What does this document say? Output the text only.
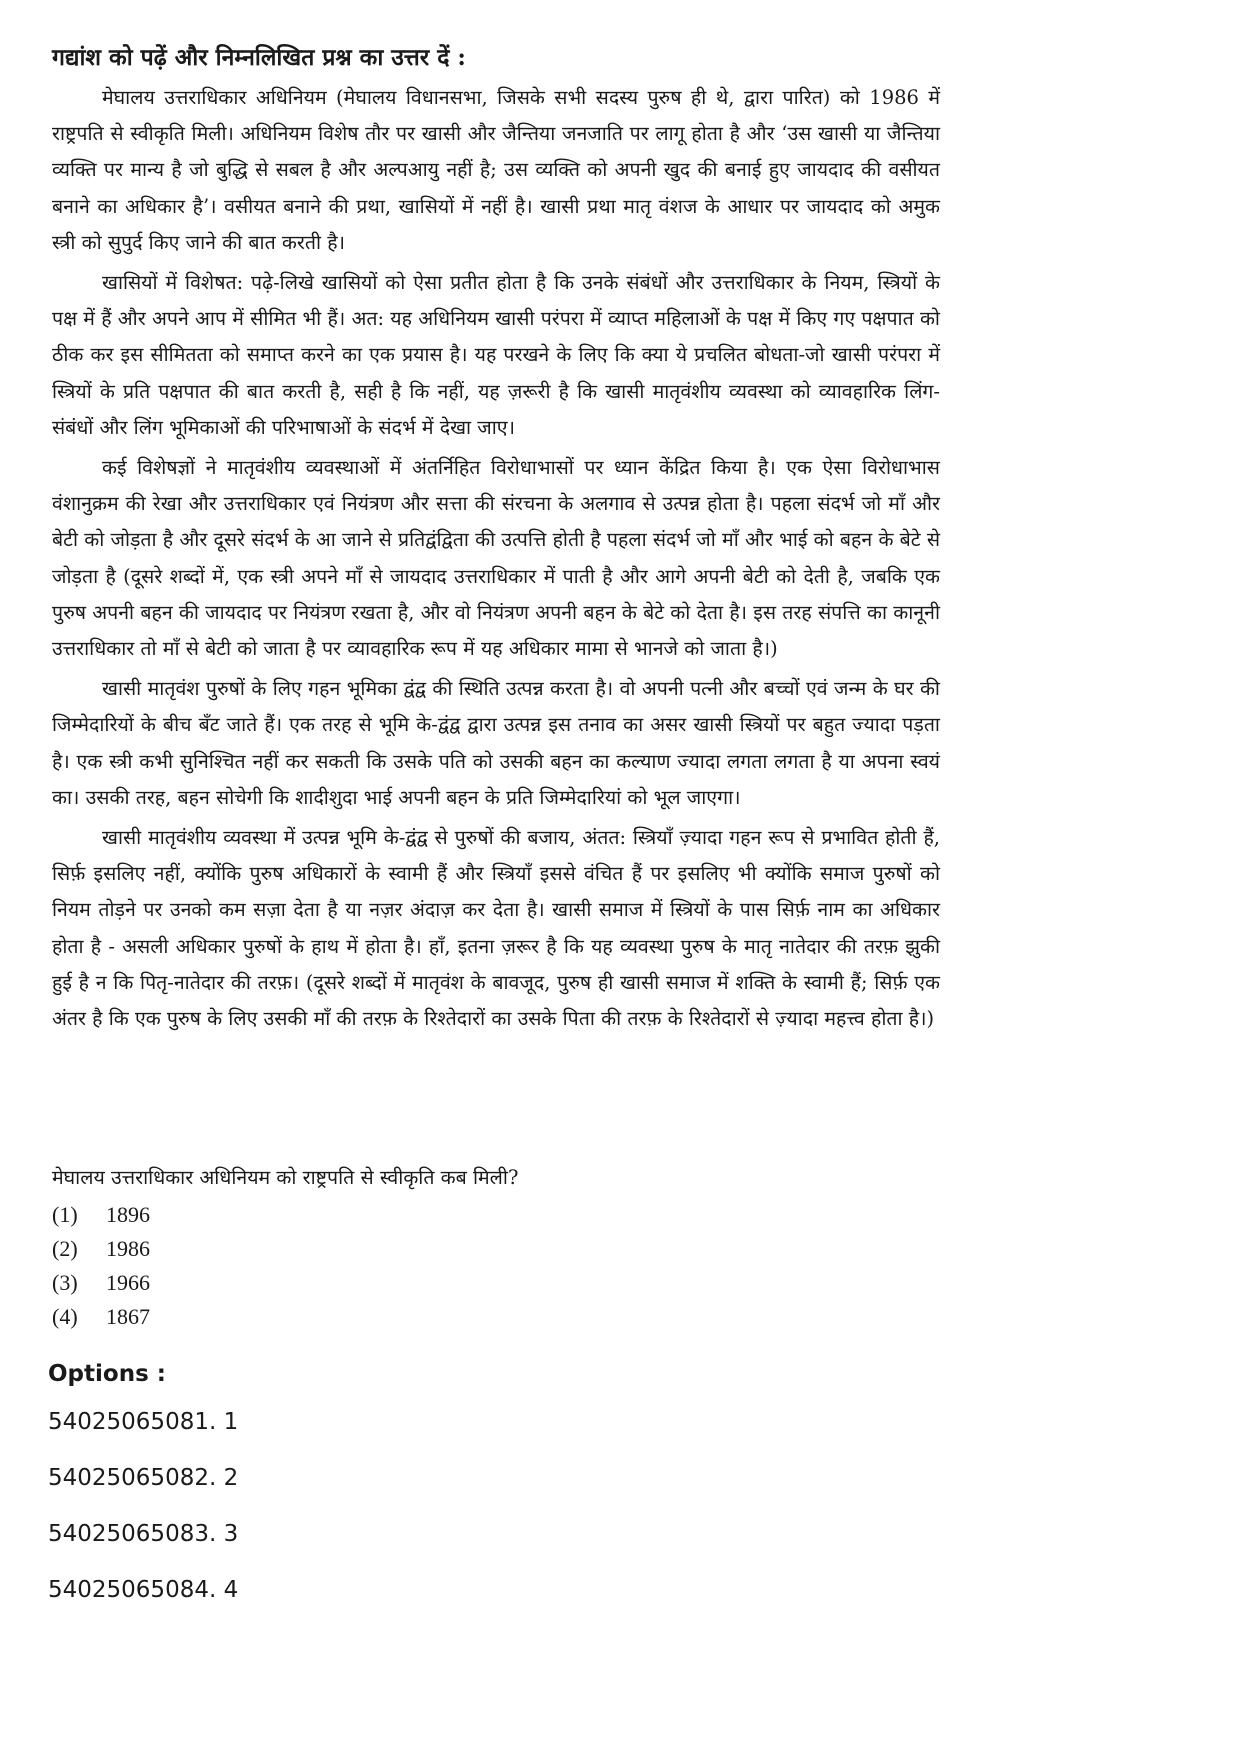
गद्यांश को पढ़ें और निम्नलिखित प्रश्न का उत्तर दें :

मेघालय उत्तराधिकार अधिनियम (मेघालय विधानसभा, जिसके सभी सदस्य पुरुष ही थे, द्वारा पारित) को 1986 में राष्ट्रपति से स्वीकृति मिली। अधिनियम विशेष तौर पर खासी और जैन्तिया जनजाति पर लागू होता है और ‘उस खासी या जैन्तिया व्यक्ति पर मान्य है जो बुद्धि से सबल है और अल्पआयु नहीं है; उस व्यक्ति को अपनी खुद की बनाई हुए जायदाद की वसीयत बनाने का अधिकार है’। वसीयत बनाने की प्रथा, खासियों में नहीं है। खासी प्रथा मातृ वंशज के आधार पर जायदाद को अमुक स्त्री को सुपुर्द किए जाने की बात करती है।

खासियों में विशेषत: पढ़े-लिखे खासियों को ऐसा प्रतीत होता है कि उनके संबंधों और उत्तराधिकार के नियम, स्त्रियों के पक्ष में हैं और अपने आप में सीमित भी हैं। अत: यह अधिनियम खासी परंपरा में व्याप्त महिलाओं के पक्ष में किए गए पक्षपात को ठीक कर इस सीमितता को समाप्त करने का एक प्रयास है। यह परखने के लिए कि क्या ये प्रचलित बोधता-जो खासी परंपरा में स्त्रियों के प्रति पक्षपात की बात करती है, सही है कि नहीं, यह ज़रूरी है कि खासी मातृवंशीय व्यवस्था को व्यावहारिक लिंग-संबंधों और लिंग भूमिकाओं की परिभाषाओं के संदर्भ में देखा जाए।

कई विशेषज्ञों ने मातृवंशीय व्यवस्थाओं में अंतर्निहित विरोधाभासों पर ध्यान केंद्रित किया है। एक ऐसा विरोधाभास वंशानुक्रम की रेखा और उत्तराधिकार एवं नियंत्रण और सत्ता की संरचना के अलगाव से उत्पन्न होता है। पहला संदर्भ जो माँ और बेटी को जोड़ता है और दूसरे संदर्भ के आ जाने से प्रतिद्वंद्विता की उत्पत्ति होती है पहला संदर्भ जो माँ और भाई को बहन के बेटे से जोड़ता है (दूसरे शब्दों में, एक स्त्री अपने माँ से जायदाद उत्तराधिकार में पाती है और आगे अपनी बेटी को देती है, जबकि एक पुरुष अपनी बहन की जायदाद पर नियंत्रण रखता है, और वो नियंत्रण अपनी बहन के बेटे को देता है। इस तरह संपत्ति का कानूनी उत्तराधिकार तो माँ से बेटी को जाता है पर व्यावहारिक रूप में यह अधिकार मामा से भानजे को जाता है।)

खासी मातृवंश पुरुषों के लिए गहन भूमिका द्वंद्व की स्थिति उत्पन्न करता है। वो अपनी पत्नी और बच्चों एवं जन्म के घर की जिम्मेदारियों के बीच बँट जाते हैं। एक तरह से भूमि के-द्वंद्व द्वारा उत्पन्न इस तनाव का असर खासी स्त्रियों पर बहुत ज्यादा पड़ता है। एक स्त्री कभी सुनिश्चित नहीं कर सकती कि उसके पति को उसकी बहन का कल्याण ज्यादा लगता लगता है या अपना स्वयं का। उसकी तरह, बहन सोचेगी कि शादीशुदा भाई अपनी बहन के प्रति जिम्मेदारियां को भूल जाएगा।

खासी मातृवंशीय व्यवस्था में उत्पन्न भूमि के-द्वंद्व से पुरुषों की बजाय, अंतत: स्त्रियाँ ज़्यादा गहन रूप से प्रभावित होती हैं, सिर्फ़ इसलिए नहीं, क्योंकि पुरुष अधिकारों के स्वामी हैं और स्त्रियाँ इससे वंचित हैं पर इसलिए भी क्योंकि समाज पुरुषों को नियम तोड़ने पर उनको कम सज़ा देता है या नज़र अंदाज़ कर देता है। खासी समाज में स्त्रियों के पास सिर्फ़ नाम का अधिकार होता है - असली अधिकार पुरुषों के हाथ में होता है। हाँ, इतना ज़रूर है कि यह व्यवस्था पुरुष के मातृ नातेदार की तरफ़ झुकी हुई है न कि पितृ-नातेदार की तरफ़। (दूसरे शब्दों में मातृवंश के बावजूद, पुरुष ही खासी समाज में शक्ति के स्वामी हैं; सिर्फ़ एक अंतर है कि एक पुरुष के लिए उसकी माँ की तरफ़ के रिश्तेदारों का उसके पिता की तरफ़ के रिश्तेदारों से ज़्यादा महत्त्व होता है।)

मेघालय उत्तराधिकार अधिनियम को राष्ट्रपति से स्वीकृति कब मिली?

(1)	1896
(2)	1986
(3)	1966
(4)	1867

Options :

54025065081. 1
54025065082. 2
54025065083. 3
54025065084. 4
